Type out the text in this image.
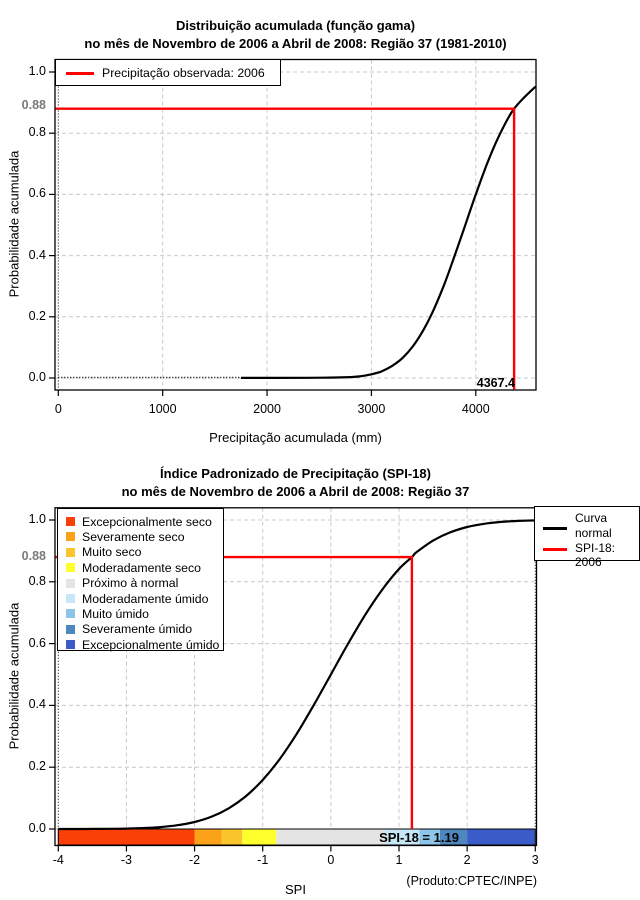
Distribuição acumulada (função gama)
no mês de Novembro de 2006 a Abril de 2008: Região 37 (1981-2010)
Probabilidade acumulada
0.88
Precipitação observada: 2006
4367.4
Precipitação acumulada (mm)
Índice Padronizado de Precipitação (SPI-18)
no mês de Novembro de 2006 a Abril de 2008: Região 37
Probabilidade acumulada
0.88
Excepcionalmente seco
Severamente seco
Muito seco
Moderadamente seco
Próximo à normal
Moderadamente úmido
Muito úmido
Severamente úmido
Excepcionalmente úmido
Curva
normal
SPI-18: 2006
SPI-18 = 1.19
SPI
(Produto:CPTEC/INPE)
0	1000	2000	3000	4000
1.0
0.8
0.6
0.4
0.2
0.0
-4	-3	-2	-1	0	1	2	3
1.0
0.8
0.6
0.4
0.2
0.0
